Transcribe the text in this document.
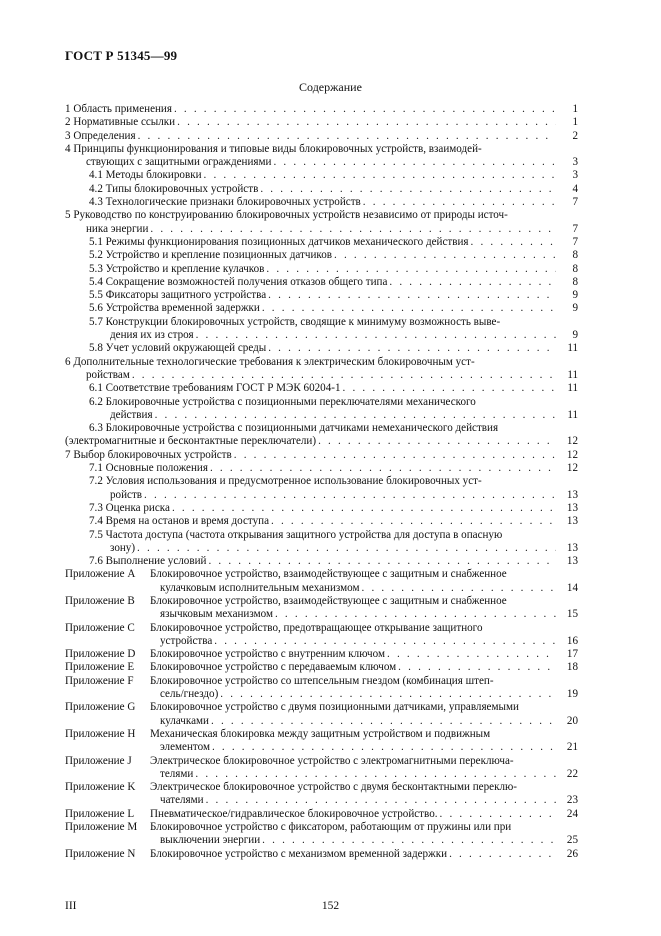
ГОСТ Р 51345—99
Содержание
1 Область применения . . .	1
2 Нормативные ссылки . . .	1
3 Определения . . .	2
4 Принципы функционирования и типовые виды блокировочных устройств, взаимодей-
ствующих с защитными ограждениями . . .	3
4.1 Методы блокировки . . .	3
4.2 Типы блокировочных устройств . . .	4
4.3 Технологические признаки блокировочных устройств . . .	7
5 Руководство по конструированию блокировочных устройств независимо от природы источ-
ника энергии . . .	7
5.1 Режимы функционирования позиционных датчиков механического действия . . .	7
5.2 Устройство и крепление позиционных датчиков . . .	8
5.3 Устройство и крепление кулачков . . .	8
5.4 Сокращение возможностей получения отказов общего типа . . .	8
5.5 Фиксаторы защитного устройства . . .	9
5.6 Устройства временной задержки . . .	9
5.7 Конструкции блокировочных устройств, сводящие к минимуму возможность выве-
дения их из строя . . .	9
5.8 Учет условий окружающей среды . . .	11
6 Дополнительные технологические требования к электрическим блокировочным уст-
ройствам . . .	11
6.1 Соответствие требованиям ГОСТ Р МЭК 60204-1 . . .	11
6.2 Блокировочные устройства с позиционными переключателями механического
действия . . .	11
6.3 Блокировочные устройства с позиционными датчиками немеханического действия
(электромагнитные и бесконтактные переключатели) . . .	12
7 Выбор блокировочных устройств . . .	12
7.1 Основные положения . . .	12
7.2 Условия использования и предусмотренное использование блокировочных уст-
ройств . . .	13
7.3 Оценка риска . . .	13
7.4 Время на останов и время доступа . . .	13
7.5 Частота доступа (частота открывания защитного устройства для доступа в опасную
зону) . . .	13
7.6 Выполнение условий . . .	13
Приложение A	Блокировочное устройство, взаимодействующее с защитным и снабженное
кулачковым исполнительным механизмом . . .	14
Приложение B	Блокировочное устройство, взаимодействующее с защитным и снабженное
язычковым механизмом . . .	15
Приложение C	Блокировочное устройство, предотвращающее открывание защитного
устройства . . .	16
Приложение D	Блокировочное устройство с внутренним ключом . . .	17
Приложение E	Блокировочное устройство с передаваемым ключом . . .	18
Приложение F	Блокировочное устройство со штепсельным гнездом (комбинация штеп-
сель/гнездо) . . .	19
Приложение G	Блокировочное устройство с двумя позиционными датчиками, управляемыми
кулачками . . .	20
Приложение H	Механическая блокировка между защитным устройством и подвижным
элементом . . .	21
Приложение J	Электрическое блокировочное устройство с электромагнитными переключа-
телями . . .	22
Приложение K	Электрическое блокировочное устройство с двумя бесконтактными переклю-
чателями . . .	23
Приложение L	Пневматическое/гидравлическое блокировочное устройство. . . .	24
Приложение M	Блокировочное устройство с фиксатором, работающим от пружины или при
выключении энергии . . .	25
Приложение N	Блокировочное устройство с механизмом временной задержки . . .	26
III	152
